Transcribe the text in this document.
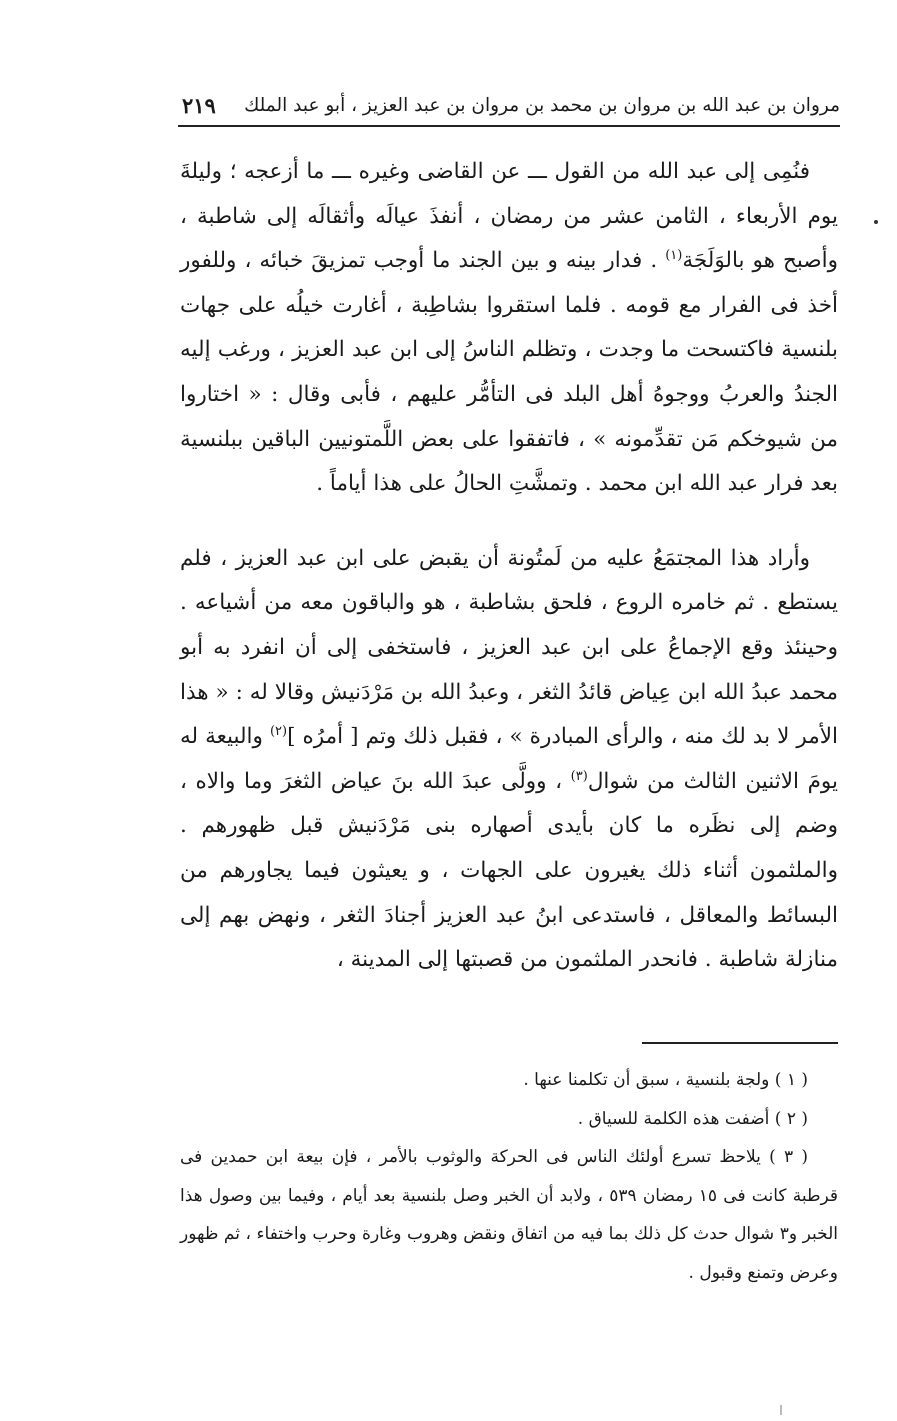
مروان بن عبد الله بن مروان بن محمد بن مروان بن عبد العزيز ، أبو عبد الملك
٢١٩

فنُمِى إلى عبد الله من القول ـــ عن القاضى وغيره ـــ ما أزعجه ؛ وليلةَ يوم الأربعاء ، الثامن عشر من رمضان ، أنفذَ عيالَه وأثقالَه إلى شاطبة ، وأصبح هو بالوَلَجَة$^{(١)}$ . فدار بينه و بين الجند ما أوجب تمزيقَ خبائه ، وللفور أخذ فى الفرار مع قومه . فلما استقروا بشاطِبة ، أغارت خيلُه على جهات بلنسية فاكتسحت ما وجدت ، وتظلم الناسُ إلى ابن عبد العزيز ، ورغب إليه الجندُ والعربُ ووجوهُ أهل البلد فى التأمُّر عليهم ، فأبى وقال : « اختاروا من شيوخكم مَن تقدِّمونه » ، فاتفقوا على بعض اللَّمتونيين الباقين ببلنسية بعد فرار عبد الله ابن محمد . وتمشَّتِ الحالُ على هذا أياماً .

وأراد هذا المجتمَعُ عليه من لَمتُونة أن يقبض على ابن عبد العزيز ، فلم يستطع . ثم خامره الروع ، فلحق بشاطبة ، هو والباقون معه من أشياعه . وحينئذ وقع الإجماعُ على ابن عبد العزيز ، فاستخفى إلى أن انفرد به أبو محمد عبدُ الله ابن عِياض قائدُ الثغر ، وعبدُ الله بن مَرْدَنيش وقالا له : « هذا الأمر لا بد لك منه ، والرأى المبادرة » ، فقبل ذلك وتم [ أمرُه ]$^{(٢)}$ والبيعة له يومَ الاثنين الثالث من شوال$^{(٣)}$ ، وولَّى عبدَ الله بنَ عياض الثغرَ وما والاه ، وضم إلى نظَره ما كان بأيدى أصهاره بنى مَرْدَنيش قبل ظهورهم . والملثمون أثناء ذلك يغيرون على الجهات ، و يعيثون فيما يجاورهم من البسائط والمعاقل ، فاستدعى ابنُ عبد العزيز أجنادَ الثغر ، ونهض بهم إلى منازلة شاطبة . فانحدر الملثمون من قصبتها إلى المدينة ،

( ١ ) ولجة بلنسية ، سبق أن تكلمنا عنها .

( ٢ ) أضفت هذه الكلمة للسياق .

( ٣ ) يلاحظ تسرع أولئك الناس فى الحركة والوثوب بالأمر ، فإن بيعة ابن حمدين فى قرطبة كانت فى ١٥ رمضان ٥٣٩ ، ولابد أن الخبر وصل بلنسية بعد أيام ، وفيما بين وصول هذا الخبر و٣ شوال حدث كل ذلك بما فيه من اتفاق ونقض وهروب وغارة وحرب واختفاء ، ثم ظهور وعرض وتمنع وقبول .
